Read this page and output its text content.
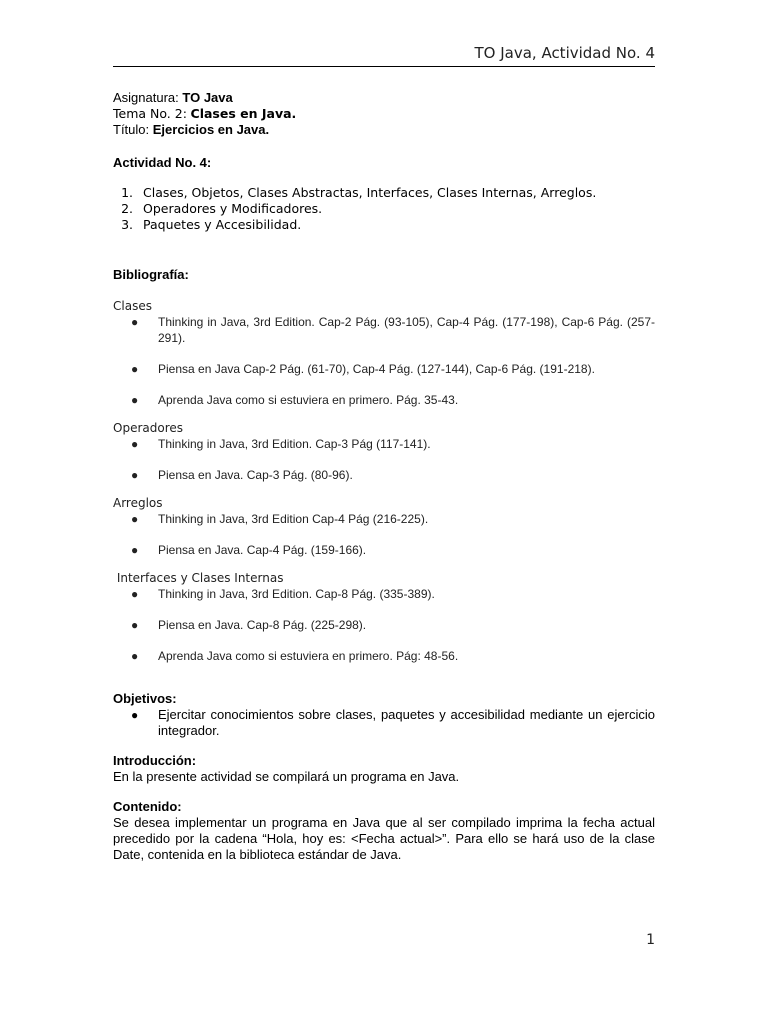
TO Java, Actividad No. 4
Asignatura: TO Java
Tema No. 2: Clases en Java.
Título: Ejercicios en Java.
Actividad No. 4:
1. Clases, Objetos, Clases Abstractas, Interfaces, Clases Internas, Arreglos.
2. Operadores y Modificadores.
3. Paquetes y Accesibilidad.
Bibliografía:
Clases
● Thinking in Java, 3rd Edition. Cap-2 Pág. (93-105), Cap-4 Pág. (177-198), Cap-6 Pág. (257-291).
● Piensa en Java Cap-2 Pág. (61-70), Cap-4 Pág. (127-144), Cap-6 Pág. (191-218).
● Aprenda Java como si estuviera en primero. Pág. 35-43.
Operadores
● Thinking in Java, 3rd Edition. Cap-3 Pág (117-141).
● Piensa en Java. Cap-3 Pág. (80-96).
Arreglos
● Thinking in Java, 3rd Edition Cap-4 Pág (216-225).
● Piensa en Java. Cap-4 Pág. (159-166).
Interfaces y Clases Internas
● Thinking in Java, 3rd Edition. Cap-8 Pág. (335-389).
● Piensa en Java. Cap-8 Pág. (225-298).
● Aprenda Java como si estuviera en primero. Pág: 48-56.
Objetivos:
● Ejercitar conocimientos sobre clases, paquetes y accesibilidad mediante un ejercicio integrador.
Introducción:
En la presente actividad se compilará un programa en Java.
Contenido:
Se desea implementar un programa en Java que al ser compilado imprima la fecha actual precedido por la cadena “Hola, hoy es: <Fecha actual>”. Para ello se hará uso de la clase Date, contenida en la biblioteca estándar de Java.
1
